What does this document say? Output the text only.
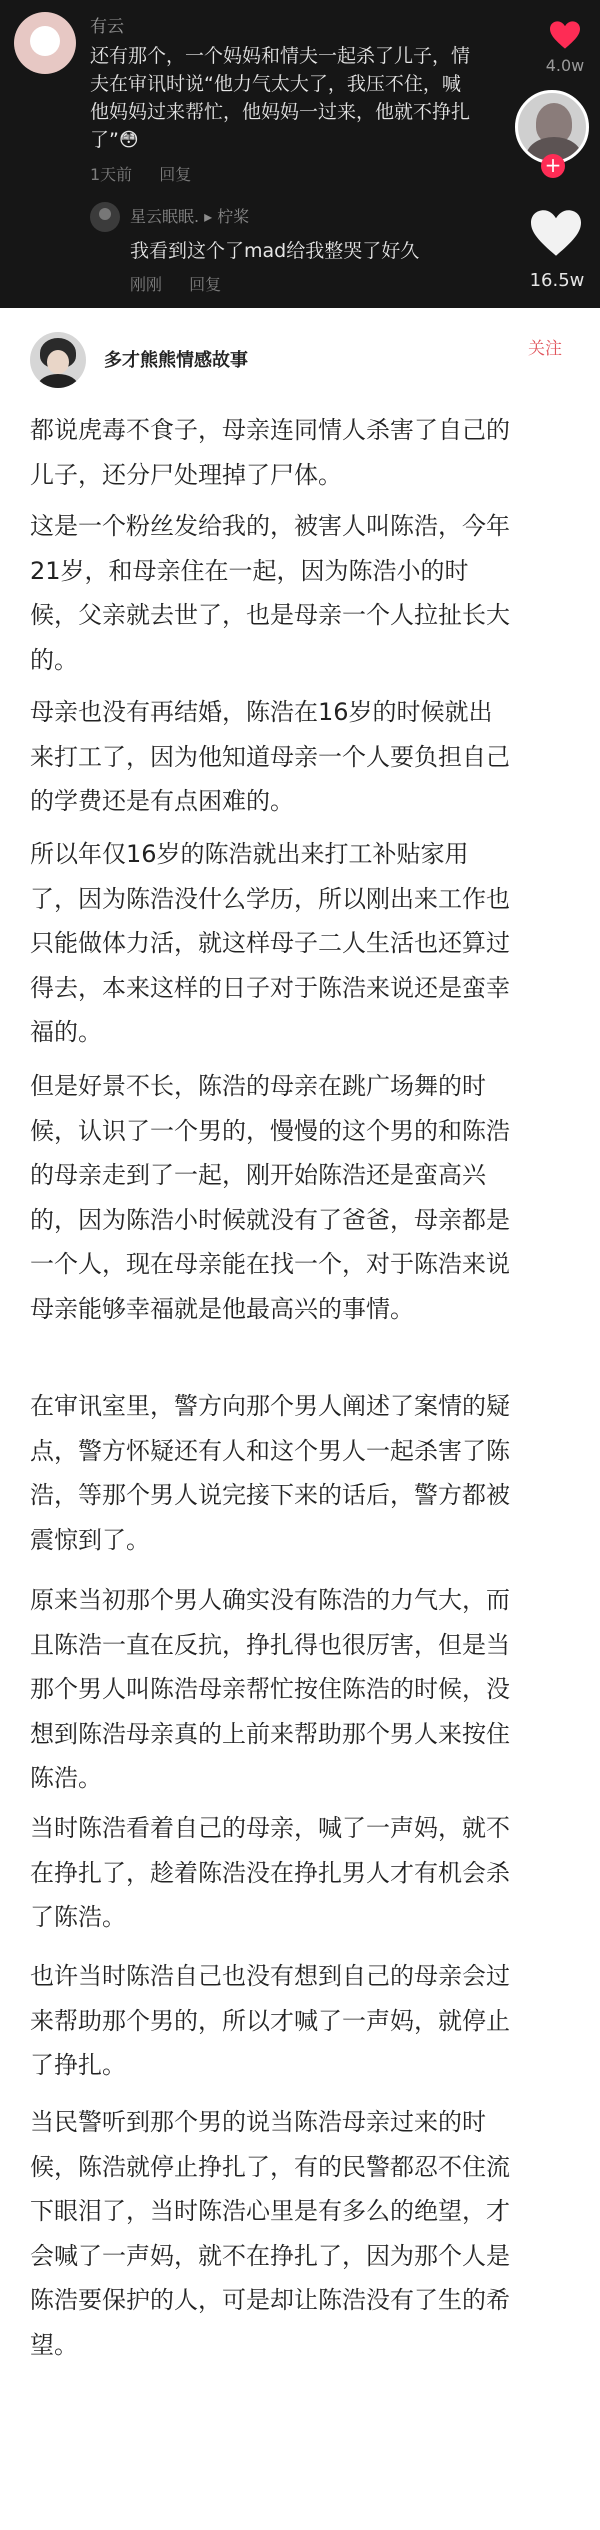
有云
还有那个，一个妈妈和情夫一起杀了儿子，情
夫在审讯时说“他力气太大了，我压不住，喊
他妈妈过来帮忙，他妈妈一过来，他就不挣扎
了”😳
1天前 回复
4.0w
+
星云眠眠. ▸ 柠桨
我看到这个了mad给我整哭了好久
刚刚 回复	16.5w
多才熊熊情感故事
关注

都说虎毒不食子，母亲连同情人杀害了自己的
儿子，还分尸处理掉了尸体。

这是一个粉丝发给我的，被害人叫陈浩，今年
21岁，和母亲住在一起，因为陈浩小的时
候，父亲就去世了，也是母亲一个人拉扯长大
的。

母亲也没有再结婚，陈浩在16岁的时候就出
来打工了，因为他知道母亲一个人要负担自己
的学费还是有点困难的。

所以年仅16岁的陈浩就出来打工补贴家用
了，因为陈浩没什么学历，所以刚出来工作也
只能做体力活，就这样母子二人生活也还算过
得去，本来这样的日子对于陈浩来说还是蛮幸
福的。

但是好景不长，陈浩的母亲在跳广场舞的时
候，认识了一个男的，慢慢的这个男的和陈浩
的母亲走到了一起，刚开始陈浩还是蛮高兴
的，因为陈浩小时候就没有了爸爸，母亲都是
一个人，现在母亲能在找一个，对于陈浩来说
母亲能够幸福就是他最高兴的事情。

在审讯室里，警方向那个男人阐述了案情的疑
点，警方怀疑还有人和这个男人一起杀害了陈
浩，等那个男人说完接下来的话后，警方都被
震惊到了。

原来当初那个男人确实没有陈浩的力气大，而
且陈浩一直在反抗，挣扎得也很厉害，但是当
那个男人叫陈浩母亲帮忙按住陈浩的时候，没
想到陈浩母亲真的上前来帮助那个男人来按住
陈浩。

当时陈浩看着自己的母亲，喊了一声妈，就不
在挣扎了，趁着陈浩没在挣扎男人才有机会杀
了陈浩。

也许当时陈浩自己也没有想到自己的母亲会过
来帮助那个男的，所以才喊了一声妈，就停止
了挣扎。

当民警听到那个男的说当陈浩母亲过来的时
候，陈浩就停止挣扎了，有的民警都忍不住流
下眼泪了，当时陈浩心里是有多么的绝望，才
会喊了一声妈，就不在挣扎了，因为那个人是
陈浩要保护的人，可是却让陈浩没有了生的希
望。
